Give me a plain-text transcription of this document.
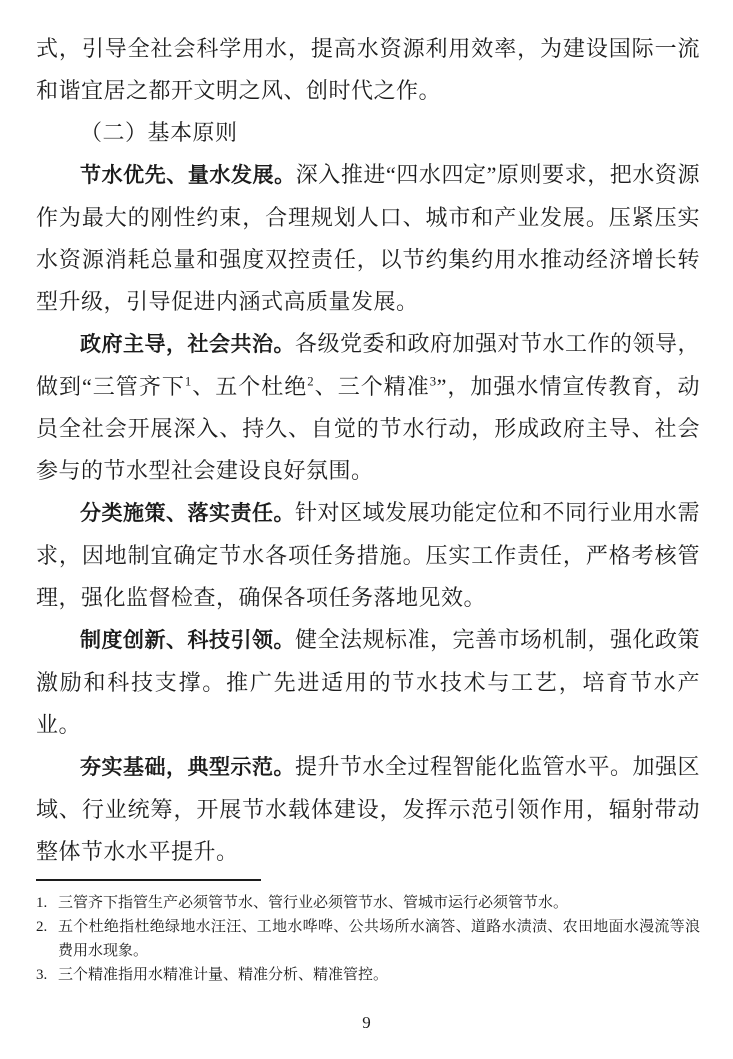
式，引导全社会科学用水，提高水资源利用效率，为建设国际一流和谐宜居之都开文明之风、创时代之作。

（二）基本原则

节水优先、量水发展。深入推进“四水四定”原则要求，把水资源作为最大的刚性约束，合理规划人口、城市和产业发展。压紧压实水资源消耗总量和强度双控责任，以节约集约用水推动经济增长转型升级，引导促进内涵式高质量发展。

政府主导，社会共治。各级党委和政府加强对节水工作的领导，做到“三管齐下$^1$、五个杜绝$^2$、三个精准$^3$”，加强水情宣传教育，动员全社会开展深入、持久、自觉的节水行动，形成政府主导、社会参与的节水型社会建设良好氛围。

分类施策、落实责任。针对区域发展功能定位和不同行业用水需求，因地制宜确定节水各项任务措施。压实工作责任，严格考核管理，强化监督检查，确保各项任务落地见效。

制度创新、科技引领。健全法规标准，完善市场机制，强化政策激励和科技支撑。推广先进适用的节水技术与工艺，培育节水产业。

夯实基础，典型示范。提升节水全过程智能化监管水平。加强区域、行业统筹，开展节水载体建设，发挥示范引领作用，辐射带动整体节水水平提升。

1. 三管齐下指管生产必须管节水、管行业必须管节水、管城市运行必须管节水。
2. 五个杜绝指杜绝绿地水汪汪、工地水哗哗、公共场所水滴答、道路水渍渍、农田地面水漫流等浪费用水现象。
3. 三个精准指用水精准计量、精准分析、精准管控。
9
